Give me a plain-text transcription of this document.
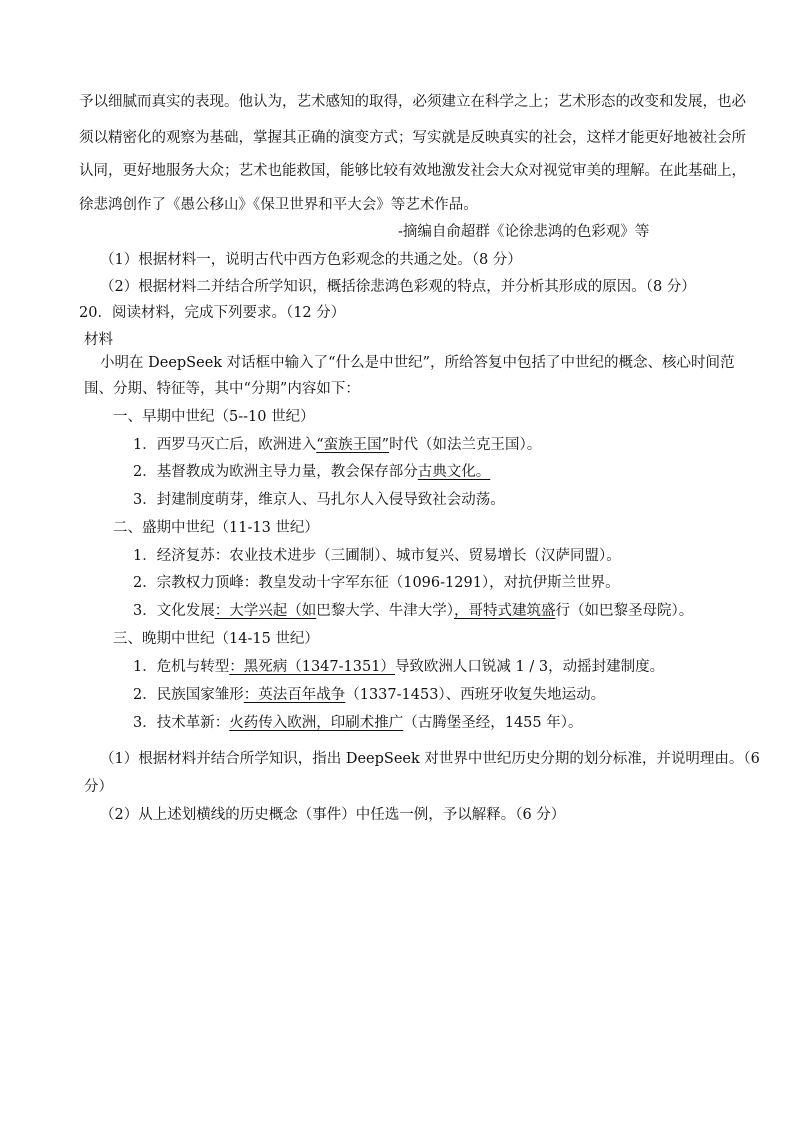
予以细腻而真实的表现。他认为，艺术感知的取得，必须建立在科学之上；艺术形态的改变和发展，也必
须以精密化的观察为基础，掌握其正确的演变方式；写实就是反映真实的社会，这样才能更好地被社会所
认同，更好地服务大众；艺术也能救国，能够比较有效地激发社会大众对视觉审美的理解。在此基础上，
徐悲鸿创作了《愚公移山》《保卫世界和平大会》等艺术作品。
-摘编自俞超群《论徐悲鸿的色彩观》等
（1）根据材料一，说明古代中西方色彩观念的共通之处。（8 分）
（2）根据材料二并结合所学知识，概括徐悲鸿色彩观的特点，并分析其形成的原因。（8 分）
20．阅读材料，完成下列要求。（12 分）
材料
小明在 DeepSeek 对话框中输入了“什么是中世纪”，所给答复中包括了中世纪的概念、核心时间范
围、分期、特征等，其中“分期”内容如下：
一、早期中世纪（5--10 世纪）
1．西罗马灭亡后，欧洲进入“蛮族王国”时代（如法兰克王国）。
2．基督教成为欧洲主导力量，教会保存部分古典文化。
3．封建制度萌芽，维京人、马扎尔人入侵导致社会动荡。
二、盛期中世纪（11-13 世纪）
1．经济复苏：农业技术进步（三圃制）、城市复兴、贸易增长（汉萨同盟）。
2．宗教权力顶峰：教皇发动十字军东征（1096-1291），对抗伊斯兰世界。
3．文化发展：大学兴起（如巴黎大学、牛津大学），哥特式建筑盛行（如巴黎圣母院）。
三、晚期中世纪（14-15 世纪）
1．危机与转型：黑死病（1347-1351）导致欧洲人口锐减 1 / 3，动摇封建制度。
2．民族国家雏形：英法百年战争（1337-1453）、西班牙收复失地运动。
3．技术革新：火药传入欧洲，印刷术推广（古腾堡圣经，1455 年）。
（1）根据材料并结合所学知识，指出 DeepSeek 对世界中世纪历史分期的划分标准，并说明理由。（6
分）
（2）从上述划横线的历史概念（事件）中任选一例，予以解释。（6 分）
